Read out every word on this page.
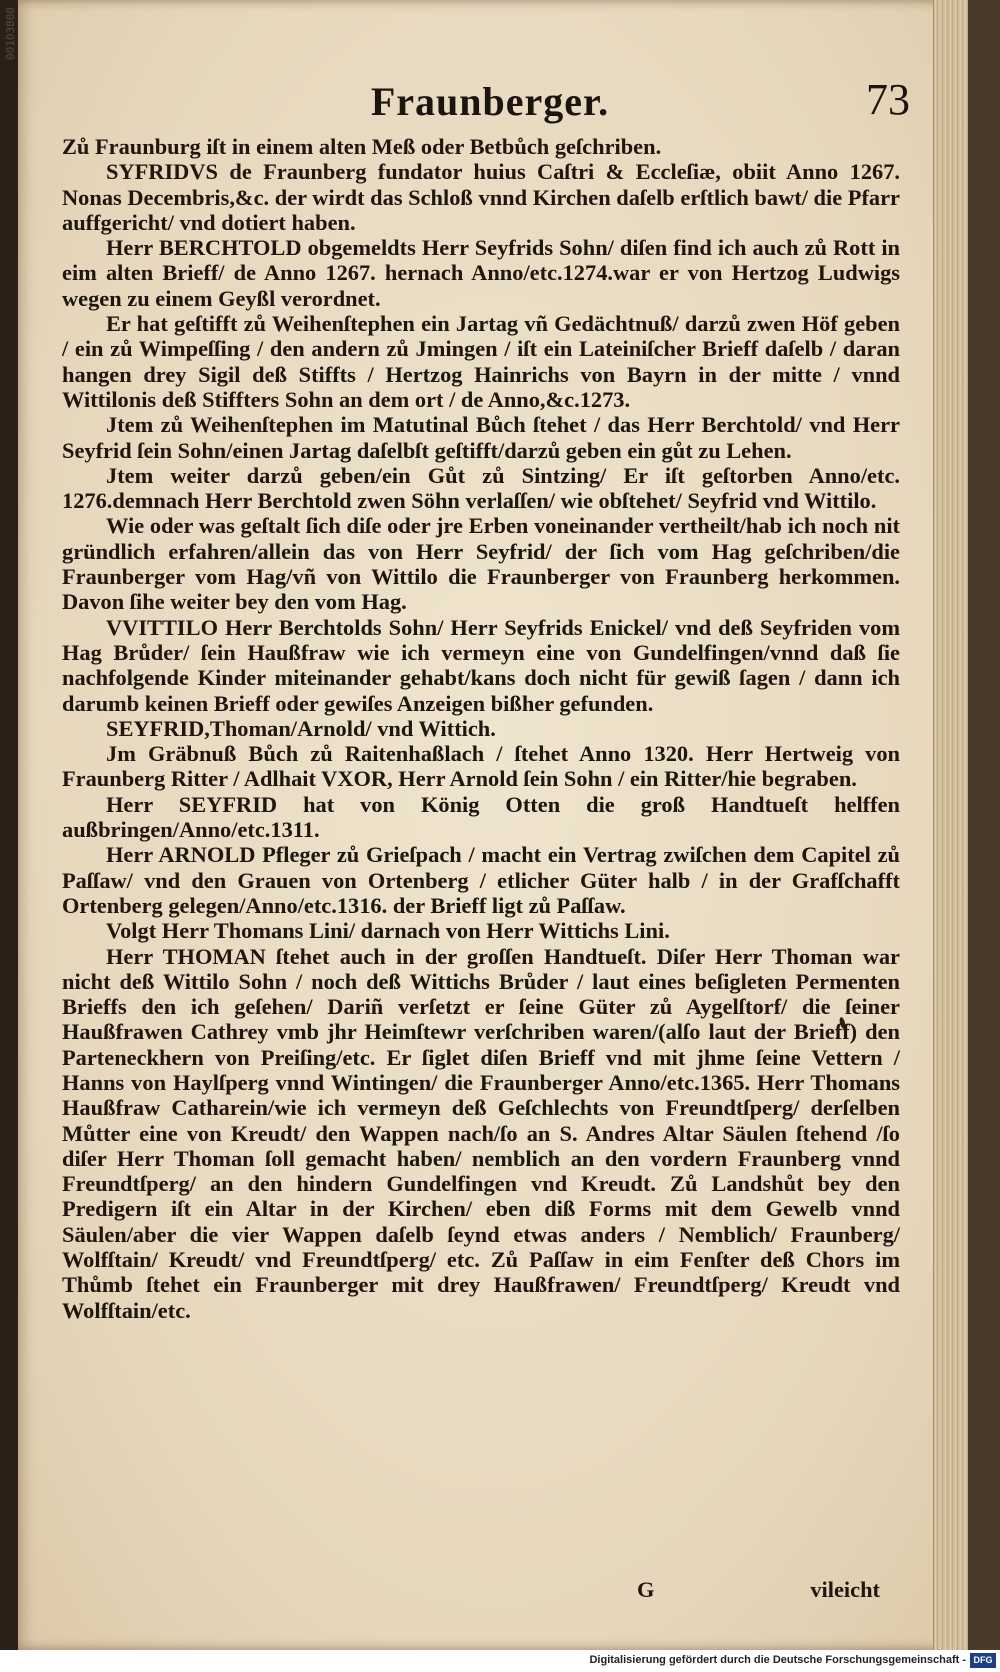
00103800
Fraunberger.	73

Zů Fraunburg iſt in einem alten Meß oder Betbůch geſchriben.

SYFRIDVS de Fraunberg fundator huius Caſtri & Eccleſiæ, obiit Anno 1267. Nonas Decembris,&c. der wirdt das Schloß vnnd Kirchen daſelb erſtlich bawt/ die Pfarr auffgericht/ vnd dotiert haben.

Herr BERCHTOLD obgemeldts Herr Seyfrids Sohn/ diſen find ich auch zů Rott in eim alten Brieff/ de Anno 1267. hernach Anno/etc.1274.war er von Hertzog Ludwigs wegen zu einem Geyßl verordnet.

Er hat geſtifft zů Weihenſtephen ein Jartag vñ Gedächtnuß/ darzů zwen Höf geben / ein zů Wimpeſſing / den andern zů Jmingen / iſt ein Lateiniſcher Brieff daſelb / daran hangen drey Sigil deß Stiffts / Hertzog Hainrichs von Bayrn in der mitte / vnnd Wittilonis deß Stiffters Sohn an dem ort / de Anno,&c.1273.

Jtem zů Weihenſtephen im Matutinal Bůch ſtehet / das Herr Berchtold/ vnd Herr Seyfrid ſein Sohn/einen Jartag daſelbſt geſtifft/darzů geben ein gůt zu Lehen.

Jtem weiter darzů geben/ein Gůt zů Sintzing/ Er iſt geſtorben Anno/etc. 1276.demnach Herr Berchtold zwen Söhn verlaſſen/ wie obſtehet/ Seyfrid vnd Wittilo.

Wie oder was geſtalt ſich diſe oder jre Erben voneinander vertheilt/hab ich noch nit gründlich erfahren/allein das von Herr Seyfrid/ der ſich vom Hag geſchriben/die Fraunberger vom Hag/vñ von Wittilo die Fraunberger von Fraunberg herkommen. Davon ſihe weiter bey den vom Hag.

VVITTILO Herr Berchtolds Sohn/ Herr Seyfrids Enickel/ vnd deß Seyfriden vom Hag Brůder/ ſein Haußfraw wie ich vermeyn eine von Gundelfingen/vnnd daß ſie nachfolgende Kinder miteinander gehabt/kans doch nicht für gewiß ſagen / dann ich darumb keinen Brieff oder gewiſes Anzeigen bißher gefunden.

SEYFRID,Thoman/Arnold/ vnd Wittich.

Jm Gräbnuß Bůch zů Raitenhaßlach / ſtehet Anno 1320. Herr Hertweig von Fraunberg Ritter / Adlhait VXOR, Herr Arnold ſein Sohn / ein Ritter/hie begraben.

Herr SEYFRID hat von König Otten die groß Handtueſt helffen außbringen/Anno/etc.1311.

Herr ARNOLD Pfleger zů Grieſpach / macht ein Vertrag zwiſchen dem Capitel zů Paſſaw/ vnd den Grauen von Ortenberg / etlicher Güter halb / in der Grafſchafft Ortenberg gelegen/Anno/etc.1316. der Brieff ligt zů Paſſaw.

Volgt Herr Thomans Lini/ darnach von Herr Wittichs Lini.

Herr THOMAN ſtehet auch in der groſſen Handtueſt. Diſer Herr Thoman war nicht deß Wittilo Sohn / noch deß Wittichs Brůder / laut eines beſigleten Permenten Brieffs den ich geſehen/ Dariñ verſetzt er ſeine Güter zů Aygelſtorf/ die ſeiner Haußfrawen Cathrey vmb jhr Heimſtewr verſchriben waren/(alſo laut der Brieff) den Parteneckhern von Preiſing/etc. Er ſiglet diſen Brieff vnd mit jhme ſeine Vettern / Hanns von Haylſperg vnnd Wintingen/ die Fraunberger Anno/etc.1365. Herr Thomans Haußfraw Catharein/wie ich vermeyn deß Geſchlechts von Freundtſperg/ derſelben Můtter eine von Kreudt/ den Wappen nach/ſo an S. Andres Altar Säulen ſtehend /ſo diſer Herr Thoman ſoll gemacht haben/ nemblich an den vordern Fraunberg vnnd Freundtſperg/ an den hindern Gundelfingen vnd Kreudt. Zů Landshůt bey den Predigern iſt ein Altar in der Kirchen/ eben diß Forms mit dem Gewelb vnnd Säulen/aber die vier Wappen daſelb ſeynd etwas anders / Nemblich/ Fraunberg/ Wolfſtain/ Kreudt/ vnd Freundtſperg/ etc. Zů Paſſaw in eim Fenſter deß Chors im Thůmb ſtehet ein Fraunberger mit drey Haußfrawen/ Freundtſperg/ Kreudt vnd Wolfſtain/etc.

G	vileicht
Digitalisierung gefördert durch die Deutsche Forschungsgemeinschaft - DFG
